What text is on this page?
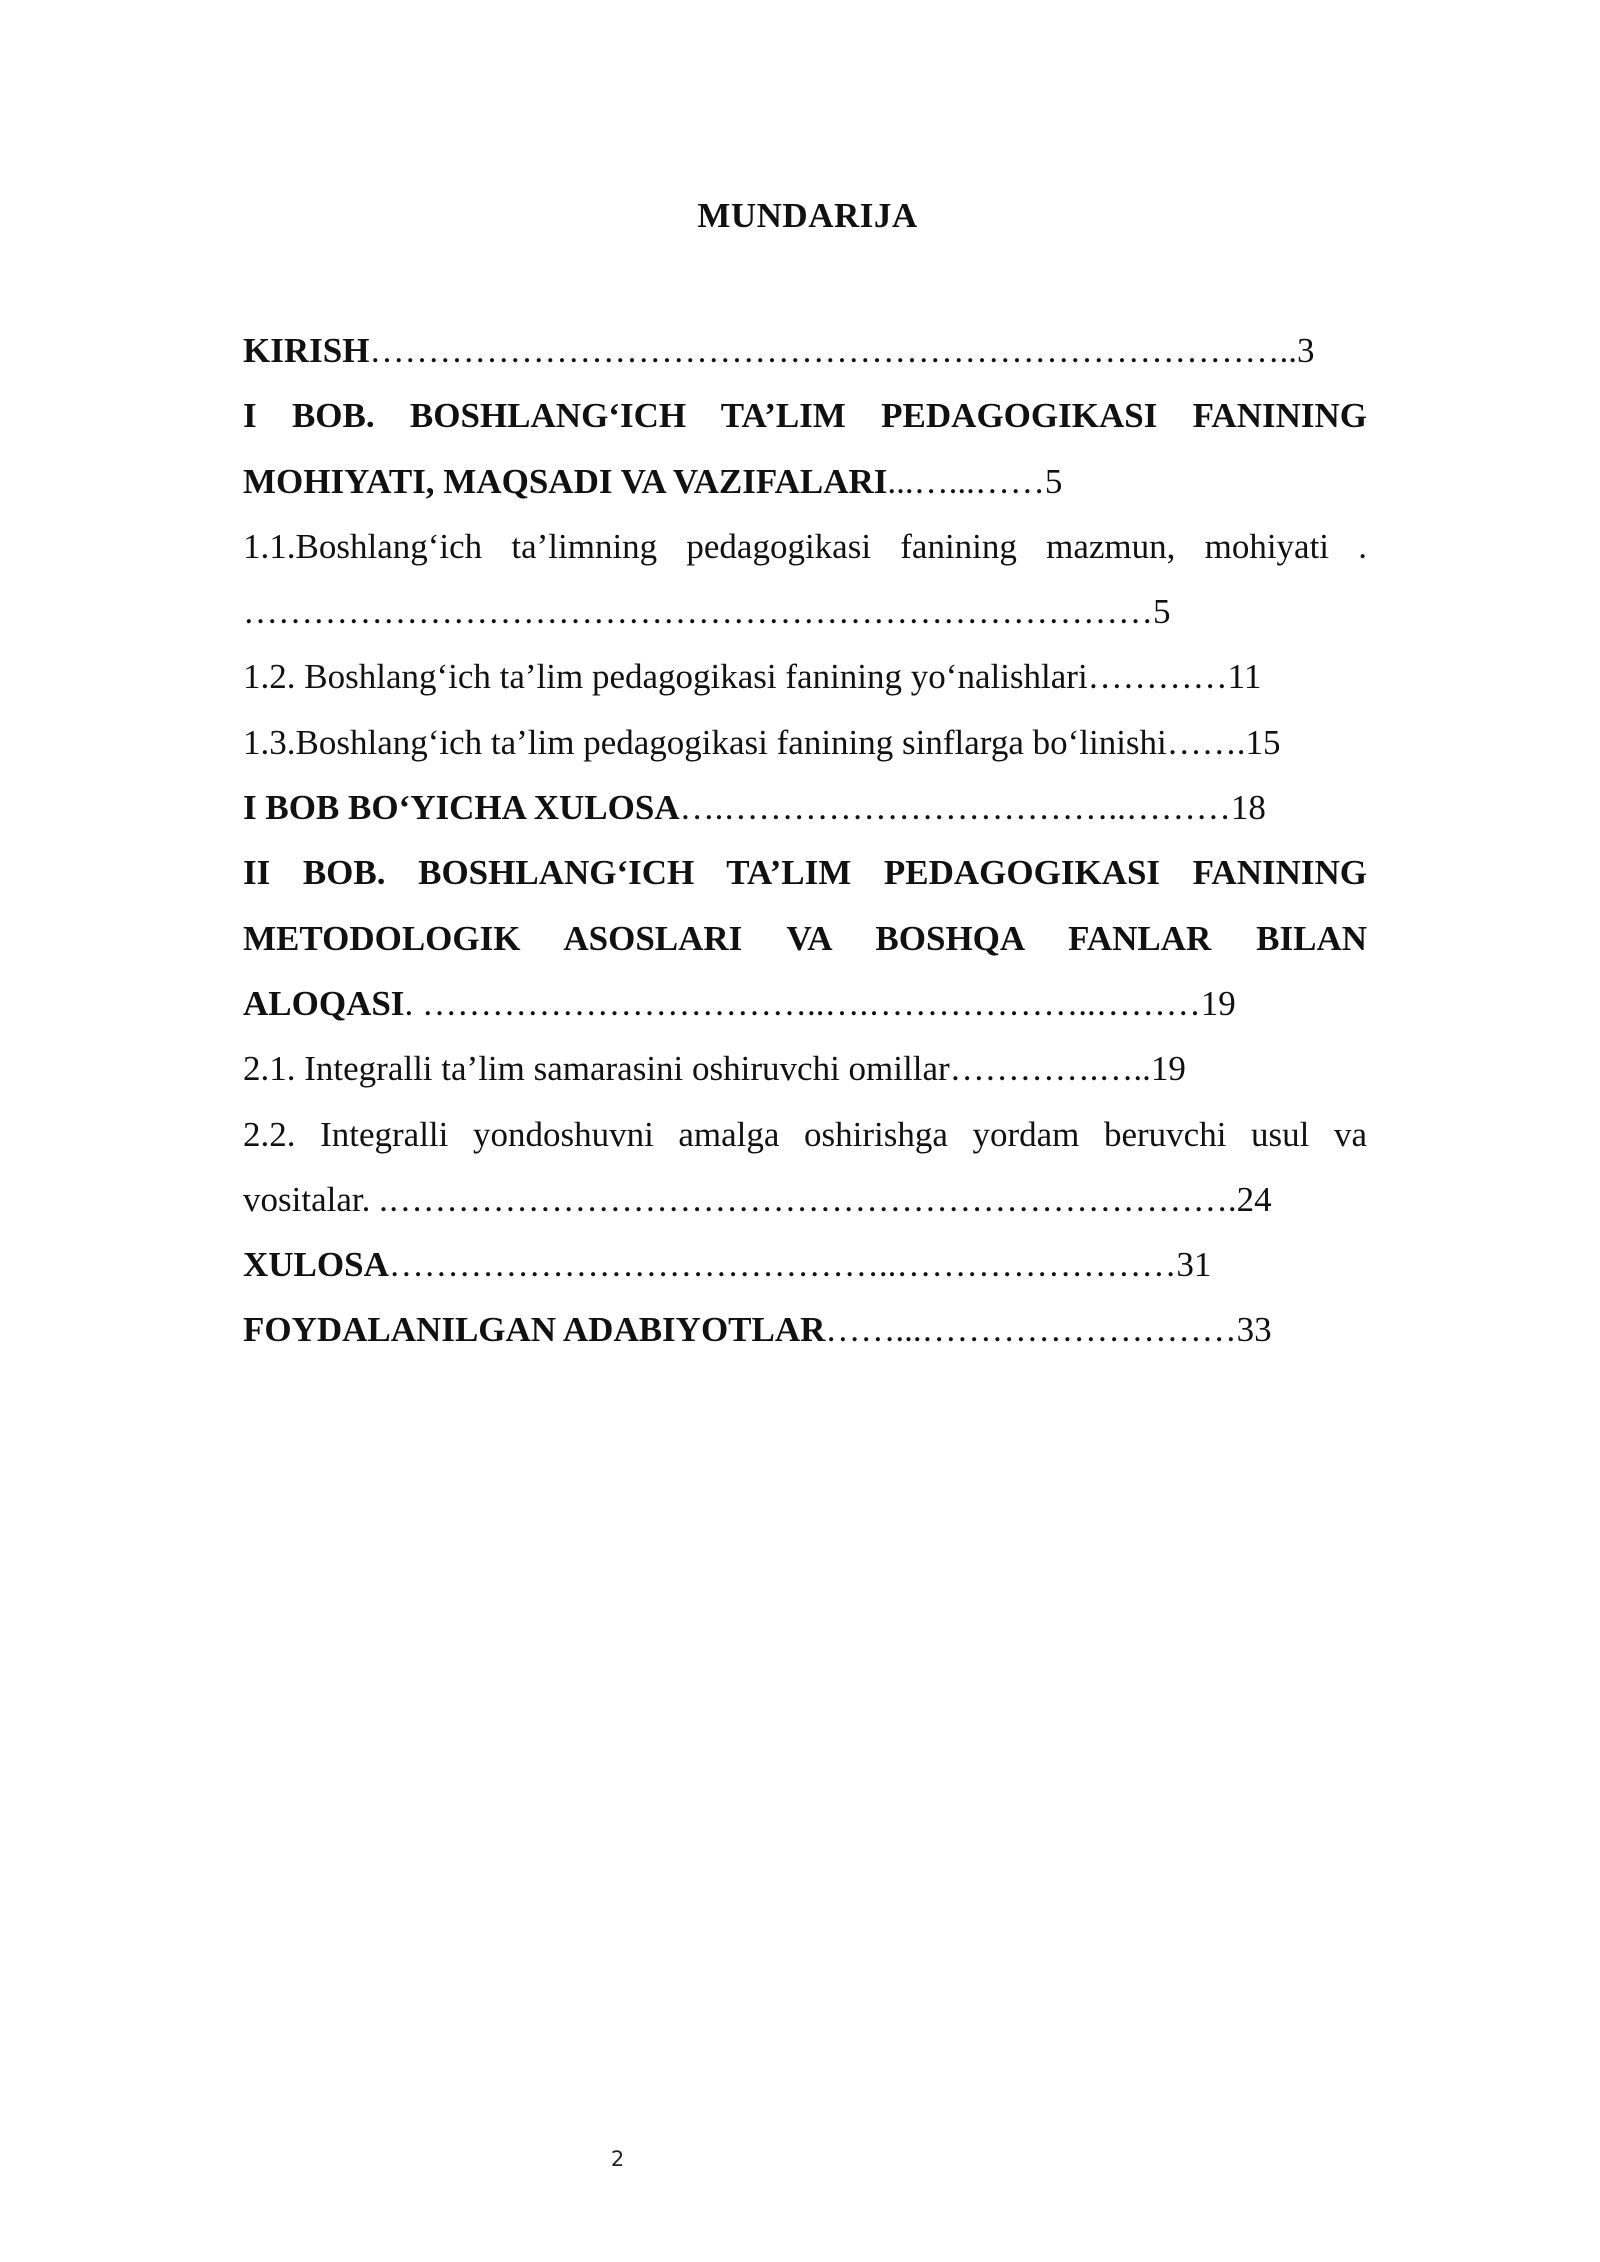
MUNDARIJA
KIRISH……………………………………………………………………..3
I BOB. BOSHLANG‘ICH TA’LIM PEDAGOGIKASI FANINING
MOHIYATI, MAQSADI VA VAZIFALARI...…...……5
1.1.Boshlang‘ich ta’limning pedagogikasi fanining mazmun, mohiyati .
……………………………………………………………………5
1.2. Boshlang‘ich ta’lim pedagogikasi fanining yo‘nalishlari…………11
1.3.Boshlang‘ich ta’lim pedagogikasi fanining sinflarga bo‘linishi…….15
I BOB BO‘YICHA XULOSA….……………………………..………18
II BOB. BOSHLANG‘ICH TA’LIM PEDAGOGIKASI FANINING
METODOLOGIK ASOSLARI VA BOSHQA FANLAR BILAN
ALOQASI. ……………………………..….………………..………19
2.1. Integralli ta’lim samarasini oshiruvchi omillar………….…..19
2.2. Integralli yondoshuvni amalga oshirishga yordam beruvchi usul va
vositalar. .……………………………………………………………….24
XULOSA……………………………………..……………………31
FOYDALANILGAN ADABIYOTLAR……...………………………33
2
